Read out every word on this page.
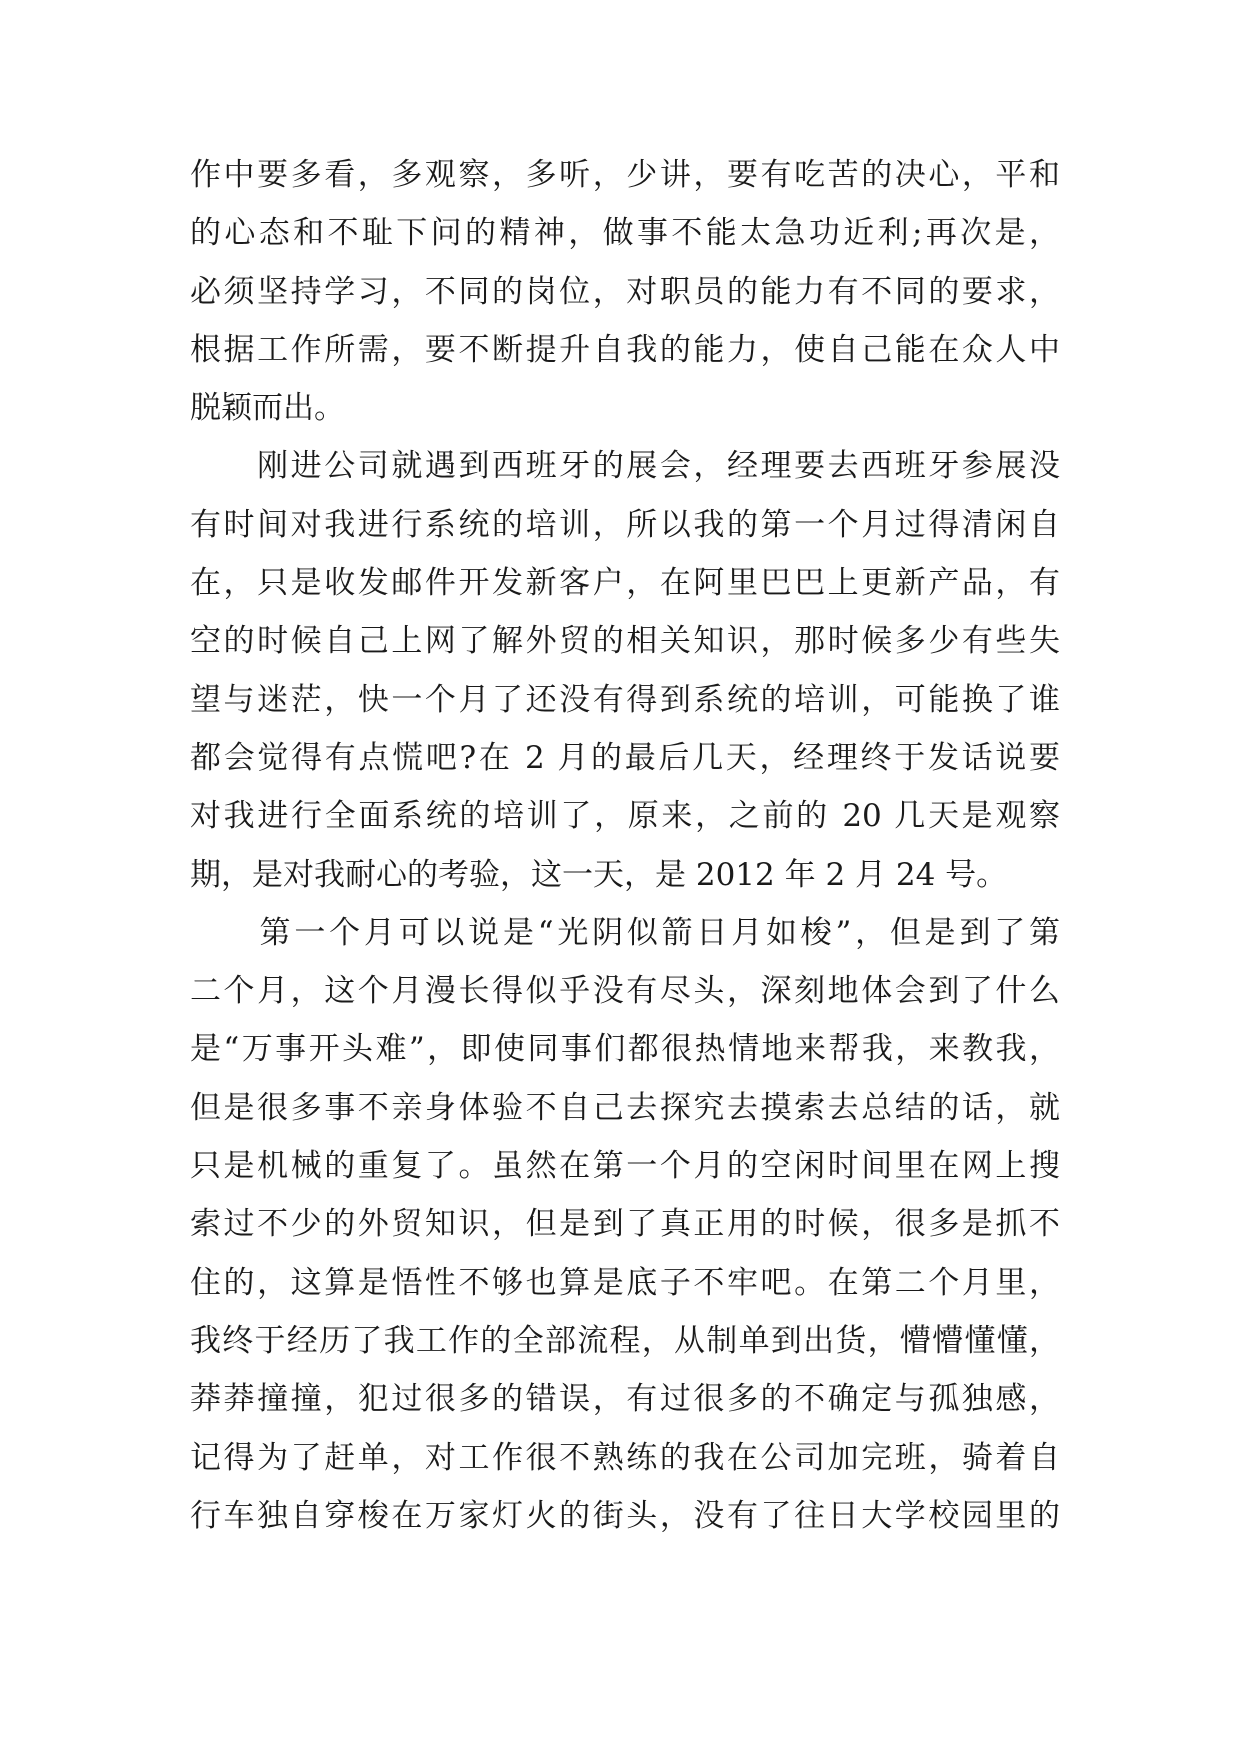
作中要多看，多观察，多听，少讲，要有吃苦的决心，平和
的心态和不耻下问的精神，做事不能太急功近利;再次是，
必须坚持学习，不同的岗位，对职员的能力有不同的要求，
根据工作所需，要不断提升自我的能力，使自己能在众人中
脱颖而出。
　　刚进公司就遇到西班牙的展会，经理要去西班牙参展没
有时间对我进行系统的培训，所以我的第一个月过得清闲自
在，只是收发邮件开发新客户，在阿里巴巴上更新产品，有
空的时候自己上网了解外贸的相关知识，那时候多少有些失
望与迷茫，快一个月了还没有得到系统的培训，可能换了谁
都会觉得有点慌吧?在 2 月的最后几天，经理终于发话说要
对我进行全面系统的培训了，原来，之前的 20 几天是观察
期，是对我耐心的考验，这一天，是 2012 年 2 月 24 号。
　　第一个月可以说是“光阴似箭日月如梭”，但是到了第
二个月，这个月漫长得似乎没有尽头，深刻地体会到了什么
是“万事开头难”，即使同事们都很热情地来帮我，来教我，
但是很多事不亲身体验不自己去探究去摸索去总结的话，就
只是机械的重复了。虽然在第一个月的空闲时间里在网上搜
索过不少的外贸知识，但是到了真正用的时候，很多是抓不
住的，这算是悟性不够也算是底子不牢吧。在第二个月里，
我终于经历了我工作的全部流程，从制单到出货，懵懵懂懂，
莽莽撞撞，犯过很多的错误，有过很多的不确定与孤独感，
记得为了赶单，对工作很不熟练的我在公司加完班，骑着自
行车独自穿梭在万家灯火的街头，没有了往日大学校园里的
